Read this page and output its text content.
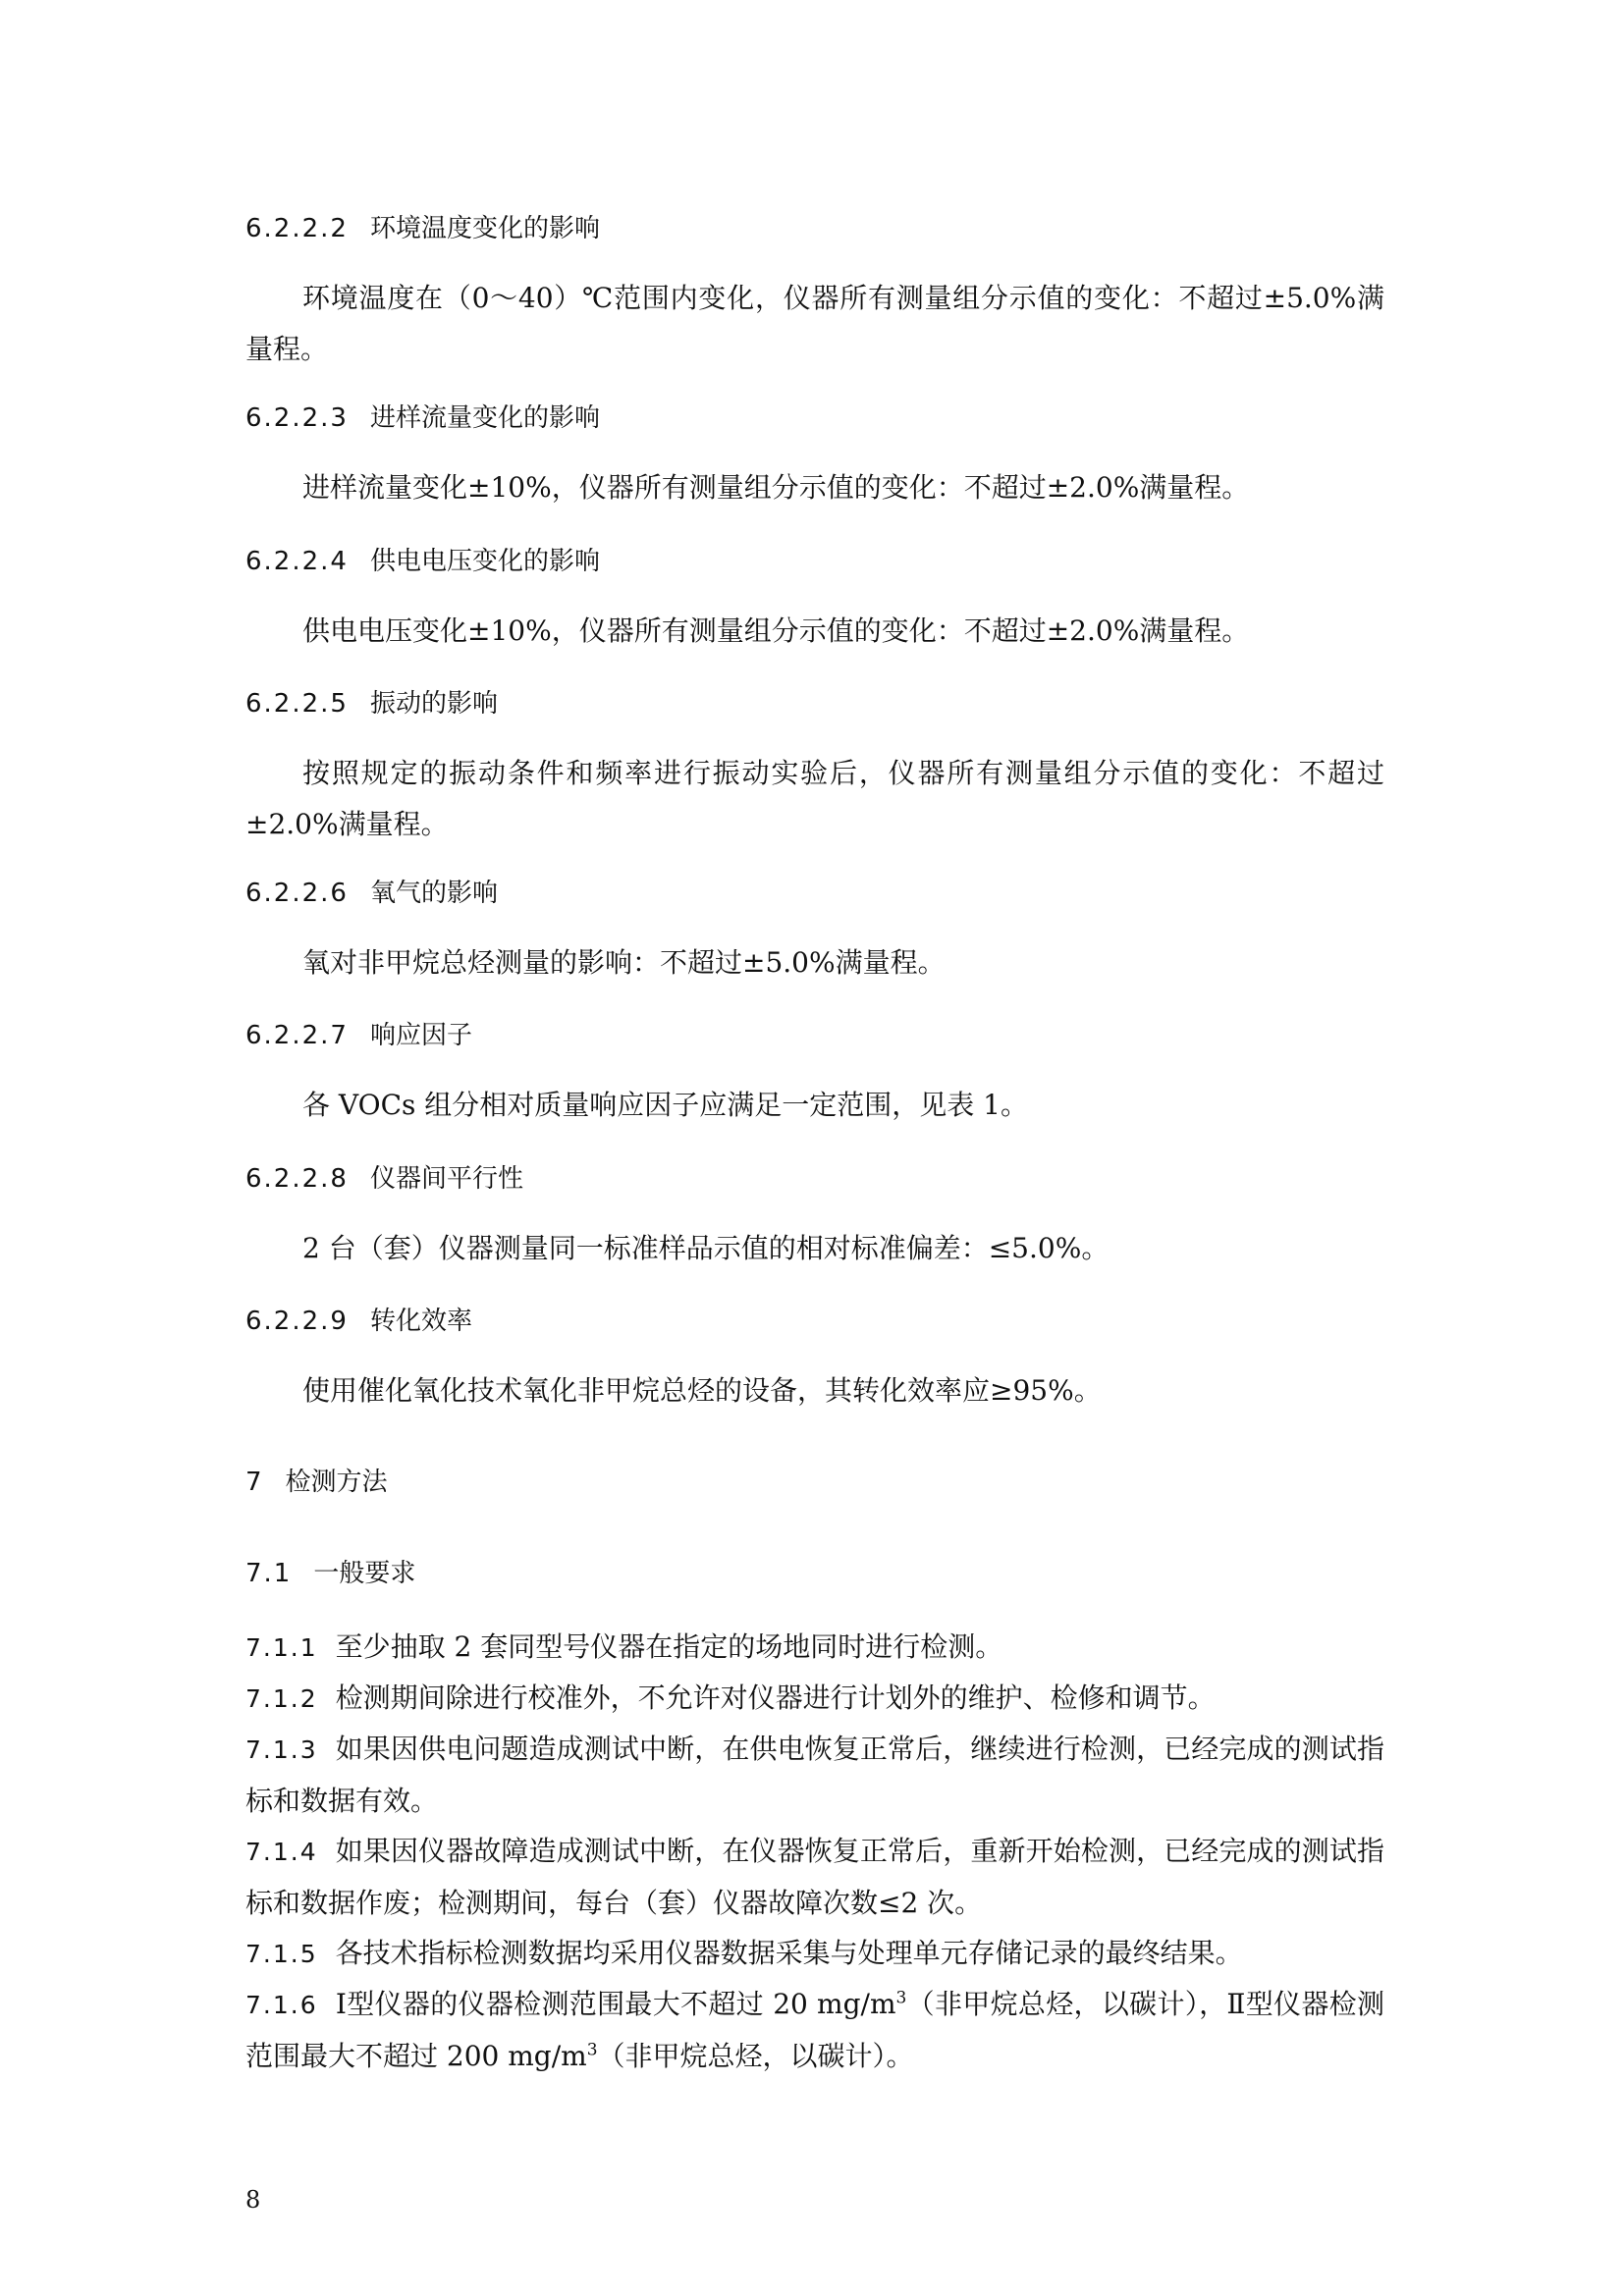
6.2.2.2 环境温度变化的影响
环境温度在（0～40）℃范围内变化，仪器所有测量组分示值的变化：不超过±5.0%满量程。
6.2.2.3 进样流量变化的影响
进样流量变化±10%，仪器所有测量组分示值的变化：不超过±2.0%满量程。
6.2.2.4 供电电压变化的影响
供电电压变化±10%，仪器所有测量组分示值的变化：不超过±2.0%满量程。
6.2.2.5 振动的影响
按照规定的振动条件和频率进行振动实验后，仪器所有测量组分示值的变化：不超过±2.0%满量程。
6.2.2.6 氧气的影响
氧对非甲烷总烃测量的影响：不超过±5.0%满量程。
6.2.2.7 响应因子
各 VOCs 组分相对质量响应因子应满足一定范围，见表 1。
6.2.2.8 仪器间平行性
2 台（套）仪器测量同一标准样品示值的相对标准偏差：≤5.0%。
6.2.2.9 转化效率
使用催化氧化技术氧化非甲烷总烃的设备，其转化效率应≥95%。
7 检测方法
7.1 一般要求
7.1.1 至少抽取 2 套同型号仪器在指定的场地同时进行检测。
7.1.2 检测期间除进行校准外，不允许对仪器进行计划外的维护、检修和调节。
7.1.3 如果因供电问题造成测试中断，在供电恢复正常后，继续进行检测，已经完成的测试指标和数据有效。
7.1.4 如果因仪器故障造成测试中断，在仪器恢复正常后，重新开始检测，已经完成的测试指标和数据作废；检测期间，每台（套）仪器故障次数≤2 次。
7.1.5 各技术指标检测数据均采用仪器数据采集与处理单元存储记录的最终结果。
7.1.6 Ⅰ型仪器的仪器检测范围最大不超过 20 $mg/m^3$（非甲烷总烃，以碳计），Ⅱ型仪器检测范围最大不超过 200 $mg/m^3$（非甲烷总烃，以碳计）。
8
